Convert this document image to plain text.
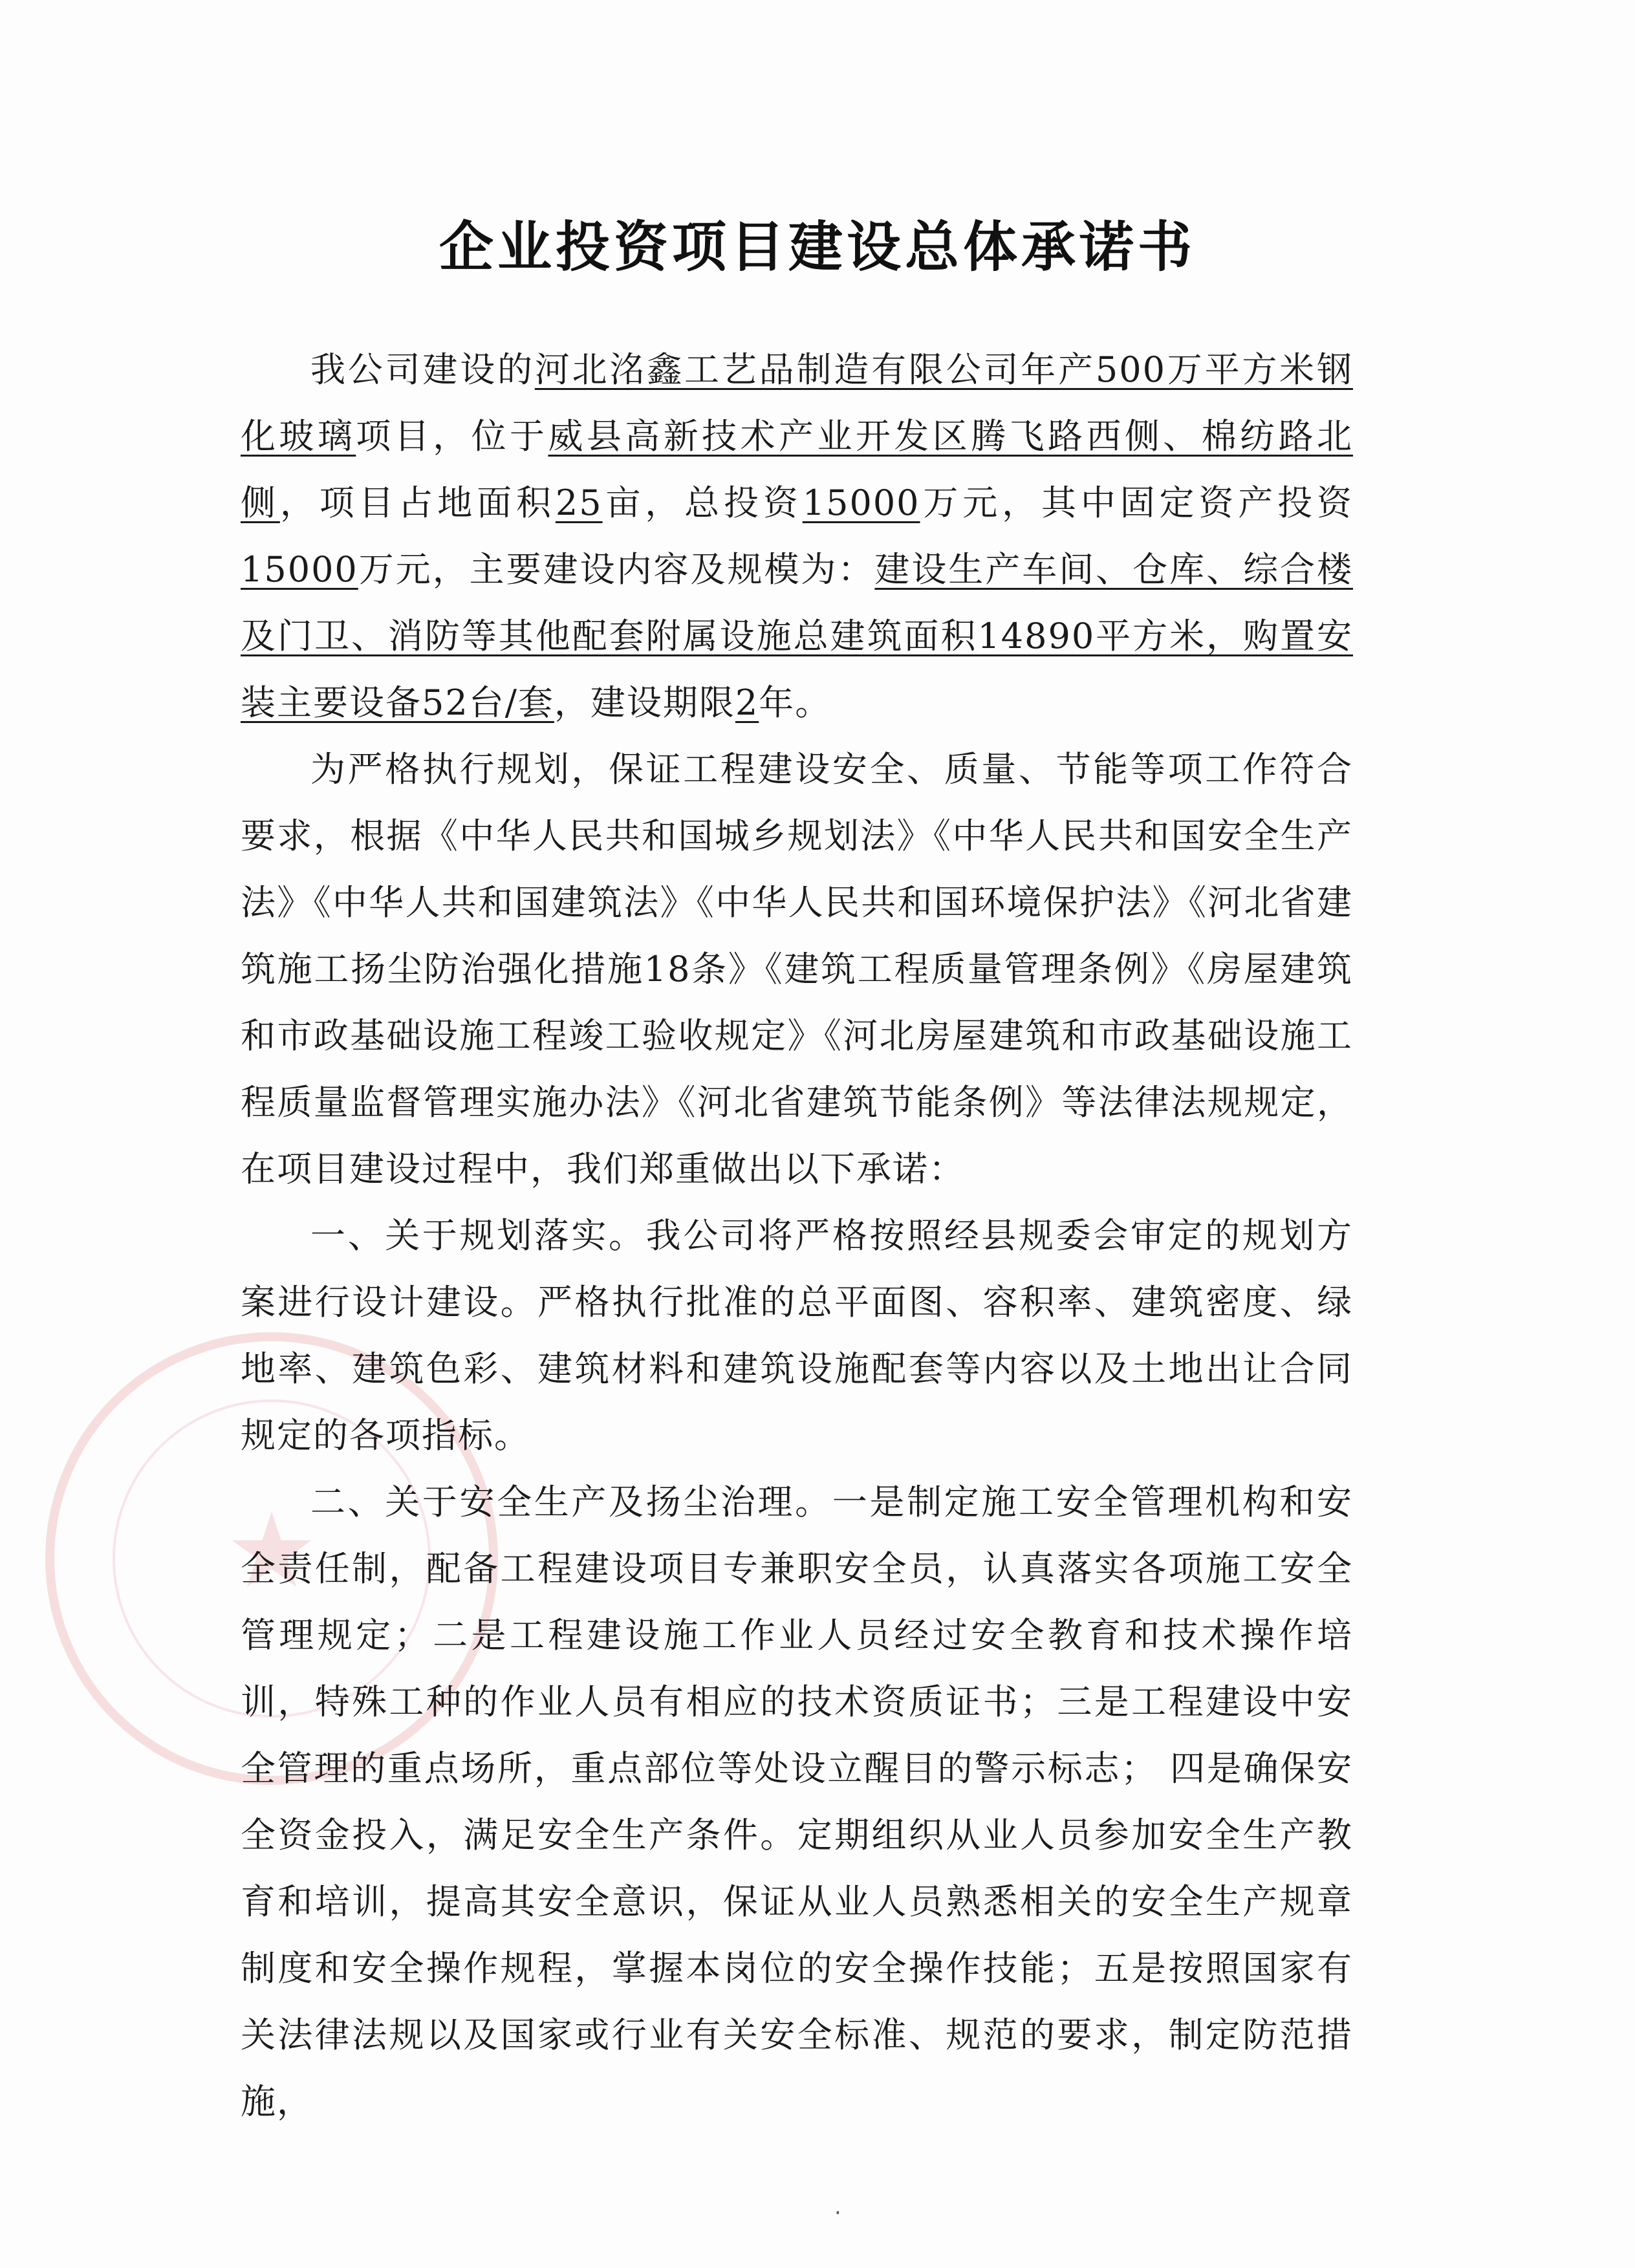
★
企业投资项目建设总体承诺书

我公司建设的河北洺鑫工艺品制造有限公司年产500万平方米钢化玻璃项目，位于威县高新技术产业开发区腾飞路西侧、棉纺路北侧，项目占地面积25亩，总投资15000万元，其中固定资产投资15000万元，主要建设内容及规模为：建设生产车间、仓库、综合楼及门卫、消防等其他配套附属设施总建筑面积14890平方米，购置安装主要设备52台/套，建设期限2年。

为严格执行规划，保证工程建设安全、质量、节能等项工作符合要求，根据《中华人民共和国城乡规划法》《中华人民共和国安全生产法》《中华人共和国建筑法》《中华人民共和国环境保护法》《河北省建筑施工扬尘防治强化措施18条》《建筑工程质量管理条例》《房屋建筑和市政基础设施工程竣工验收规定》《河北房屋建筑和市政基础设施工程质量监督管理实施办法》《河北省建筑节能条例》等法律法规规定，在项目建设过程中，我们郑重做出以下承诺：

一、关于规划落实。我公司将严格按照经县规委会审定的规划方案进行设计建设。严格执行批准的总平面图、容积率、建筑密度、绿地率、建筑色彩、建筑材料和建筑设施配套等内容以及土地出让合同规定的各项指标。

二、关于安全生产及扬尘治理。一是制定施工安全管理机构和安全责任制，配备工程建设项目专兼职安全员，认真落实各项施工安全管理规定；二是工程建设施工作业人员经过安全教育和技术操作培训，特殊工种的作业人员有相应的技术资质证书；三是工程建设中安全管理的重点场所，重点部位等处设立醒目的警示标志； 四是确保安全资金投入，满足安全生产条件。定期组织从业人员参加安全生产教育和培训，提高其安全意识，保证从业人员熟悉相关的安全生产规章制度和安全操作规程，掌握本岗位的安全操作技能；五是按照国家有关法律法规以及国家或行业有关安全标准、规范的要求，制定防范措施，

·
